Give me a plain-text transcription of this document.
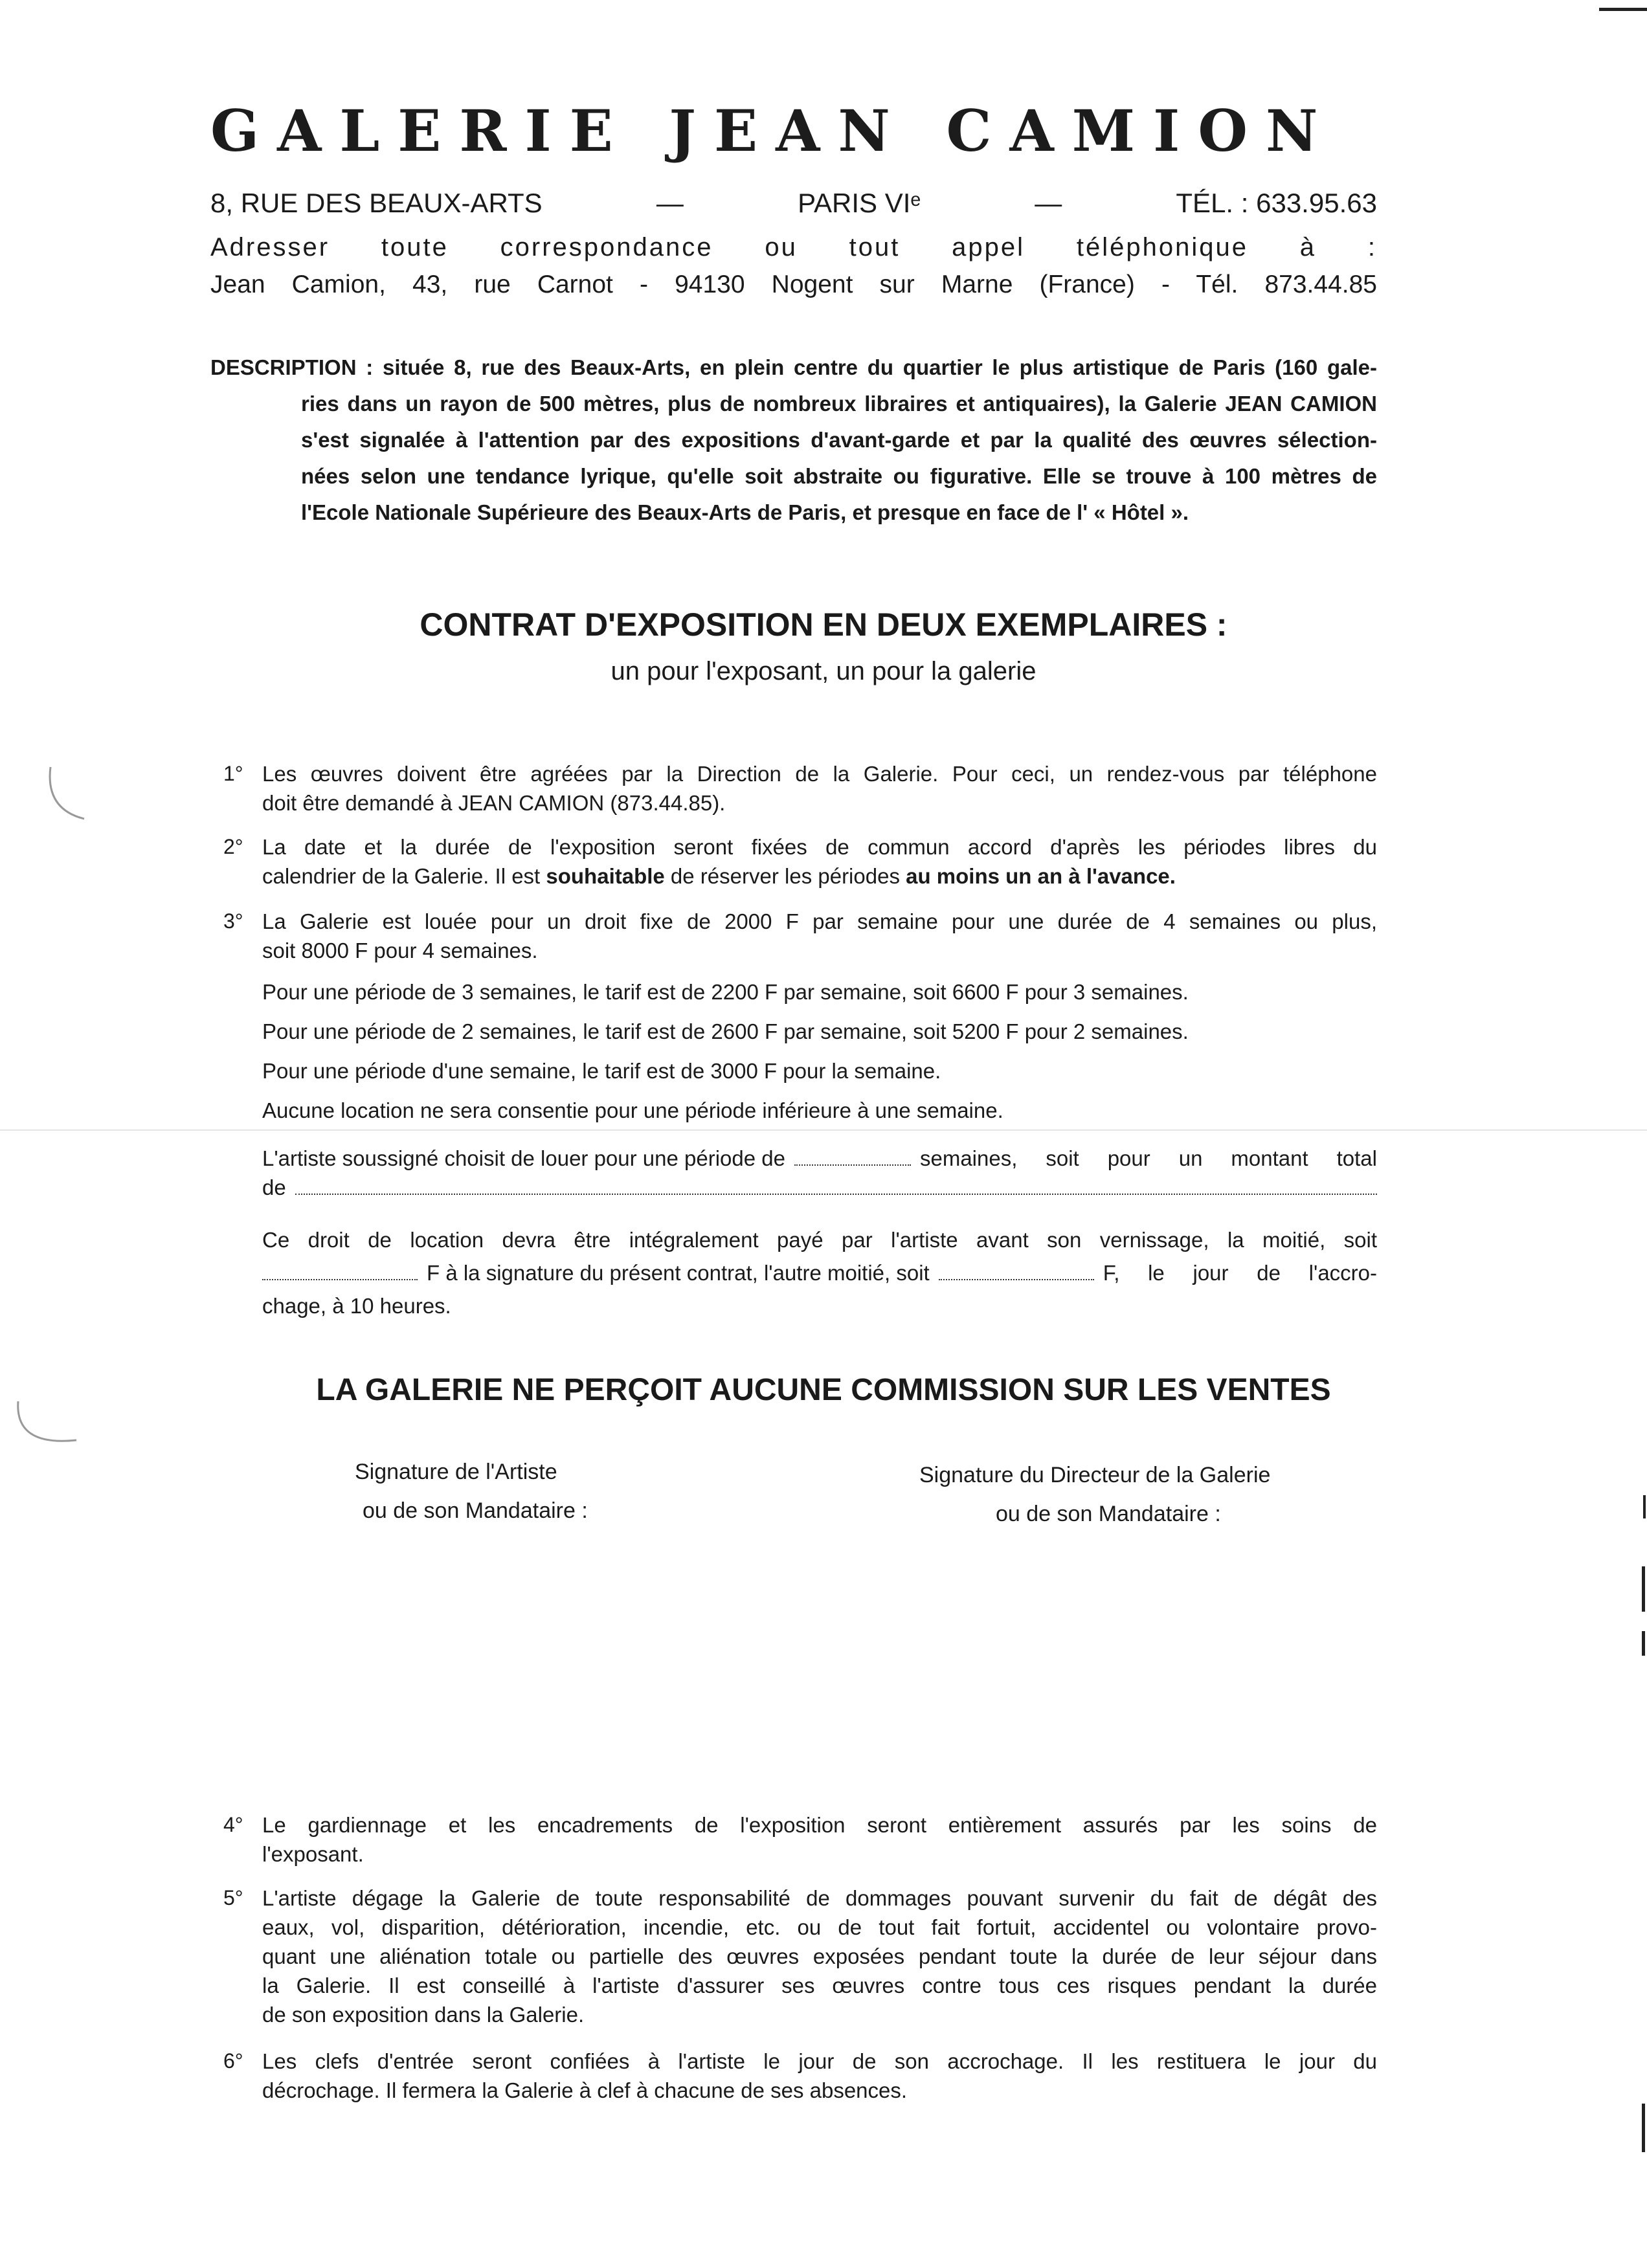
GALERIE JEAN CAMION
8, RUE DES BEAUX-ARTS	—	PARIS VIᵉ	—	TÉL. : 633.95.63
Adresser toute correspondance ou tout appel téléphonique à :
Jean Camion, 43, rue Carnot - 94130 Nogent sur Marne (France) - Tél. 873.44.85
DESCRIPTION : située 8, rue des Beaux-Arts, en plein centre du quartier le plus artistique de Paris (160 gale-
ries dans un rayon de 500 mètres, plus de nombreux libraires et antiquaires), la Galerie JEAN CAMION
s'est signalée à l'attention par des expositions d'avant-garde et par la qualité des œuvres sélection-
nées selon une tendance lyrique, qu'elle soit abstraite ou figurative. Elle se trouve à 100 mètres de
l'Ecole Nationale Supérieure des Beaux-Arts de Paris, et presque en face de l' « Hôtel ».
CONTRAT D'EXPOSITION EN DEUX EXEMPLAIRES :
un pour l'exposant, un pour la galerie
1° Les œuvres doivent être agréées par la Direction de la Galerie. Pour ceci, un rendez-vous par téléphone
doit être demandé à JEAN CAMION (873.44.85).
2° La date et la durée de l'exposition seront fixées de commun accord d'après les périodes libres du
calendrier de la Galerie. Il est souhaitable de réserver les périodes au moins un an à l'avance.
3° La Galerie est louée pour un droit fixe de 2000 F par semaine pour une durée de 4 semaines ou plus,
soit 8000 F pour 4 semaines.
Pour une période de 3 semaines, le tarif est de 2200 F par semaine, soit 6600 F pour 3 semaines.
Pour une période de 2 semaines, le tarif est de 2600 F par semaine, soit 5200 F pour 2 semaines.
Pour une période d'une semaine, le tarif est de 3000 F pour la semaine.
Aucune location ne sera consentie pour une période inférieure à une semaine.
L'artiste soussigné choisit de louer pour une période de	semaines, soit pour un montant total
de
Ce droit de location devra être intégralement payé par l'artiste avant son vernissage, la moitié, soit
F à la signature du présent contrat, l'autre moitié, soit	F, le jour de l'accro-
chage, à 10 heures.
LA GALERIE NE PERÇOIT AUCUNE COMMISSION SUR LES VENTES
Signature de l'Artiste
ou de son Mandataire :
Signature du Directeur de la Galerie
ou de son Mandataire :
4° Le gardiennage et les encadrements de l'exposition seront entièrement assurés par les soins de
l'exposant.
5° L'artiste dégage la Galerie de toute responsabilité de dommages pouvant survenir du fait de dégât des
eaux, vol, disparition, détérioration, incendie, etc. ou de tout fait fortuit, accidentel ou volontaire provo-
quant une aliénation totale ou partielle des œuvres exposées pendant toute la durée de leur séjour dans
la Galerie. Il est conseillé à l'artiste d'assurer ses œuvres contre tous ces risques pendant la durée
de son exposition dans la Galerie.
6° Les clefs d'entrée seront confiées à l'artiste le jour de son accrochage. Il les restituera le jour du
décrochage. Il fermera la Galerie à clef à chacune de ses absences.
